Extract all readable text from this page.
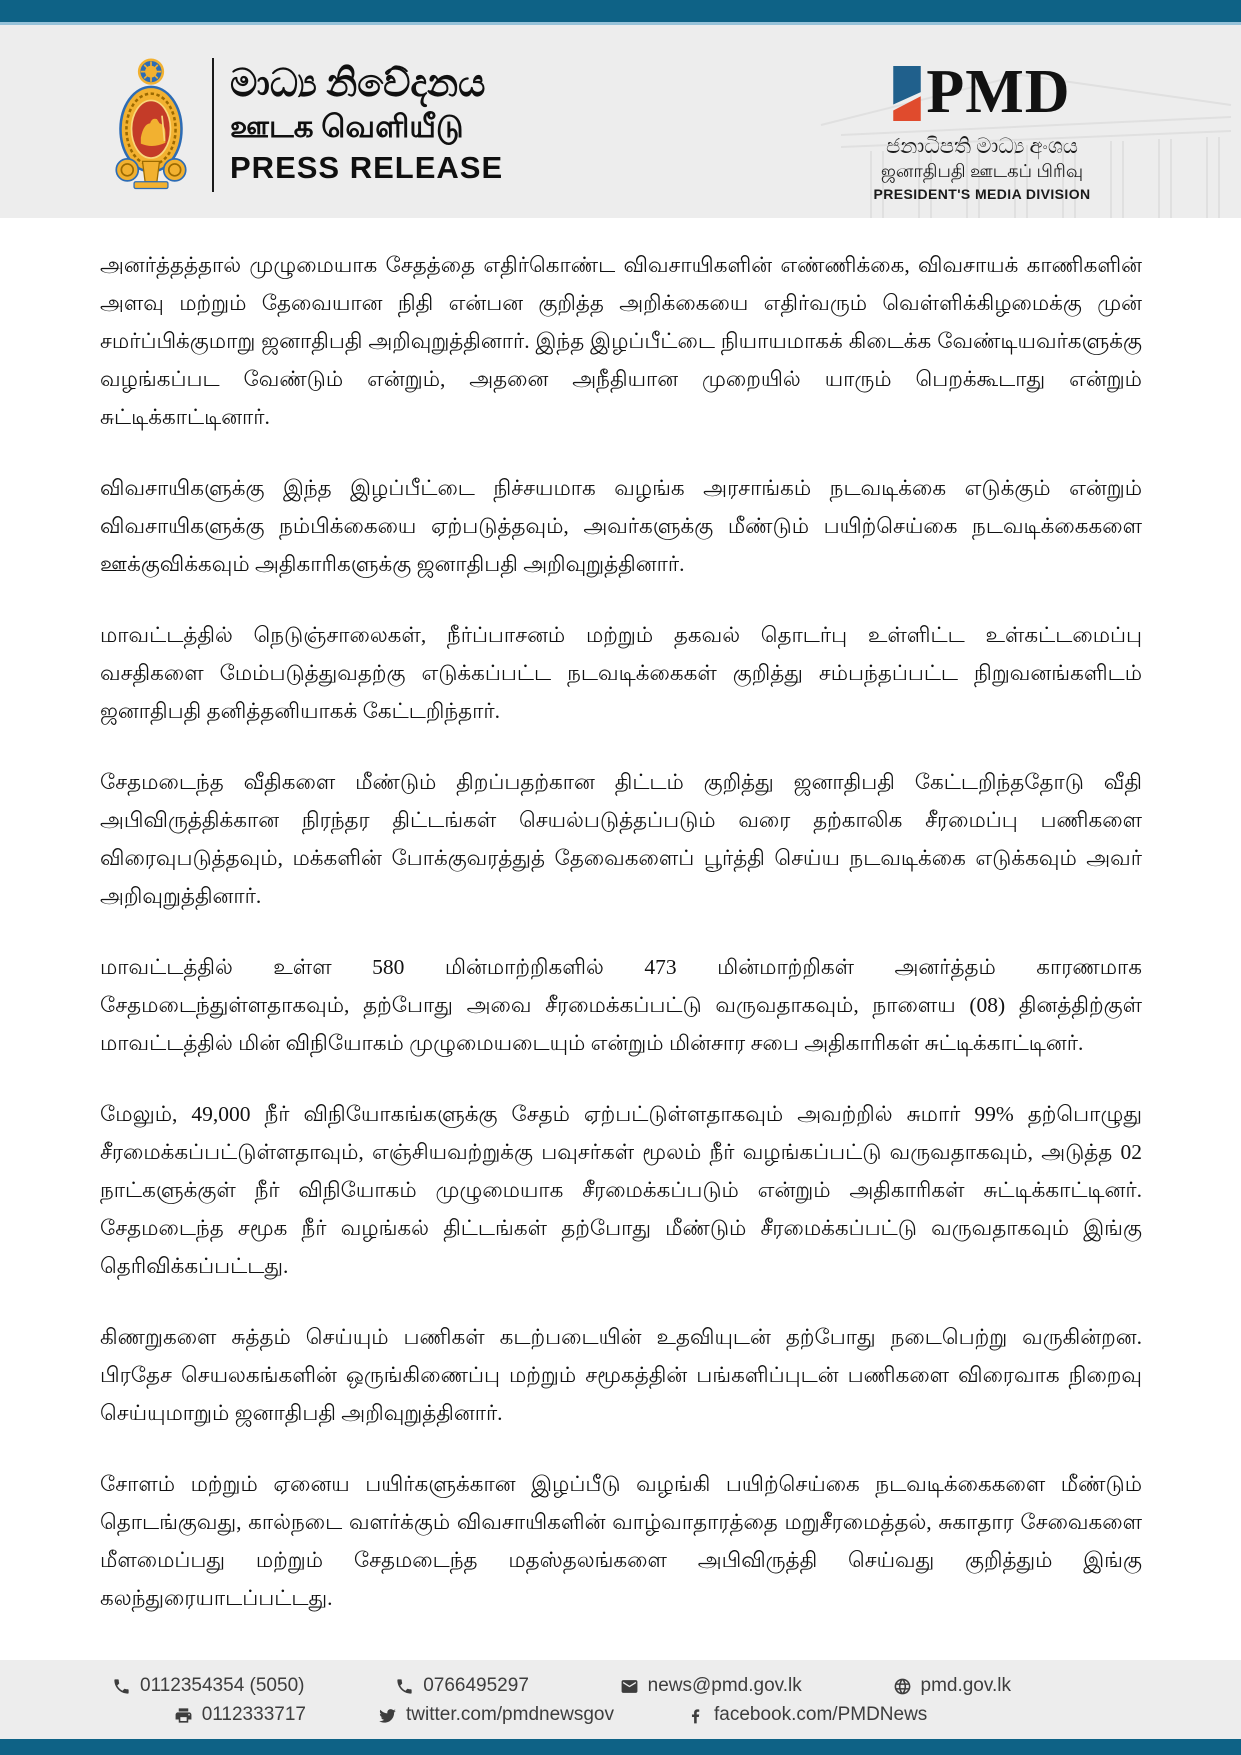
මාධ්‍ය නිවේදනය
ஊடக வெளியீடு
PRESS RELEASE
PMD
ජනාධිපති මාධ්‍ය අංශය
ஜனாதிபதி ஊடகப் பிரிவு
PRESIDENT'S MEDIA DIVISION

அனர்த்தத்தால் முழுமையாக சேதத்தை எதிர்கொண்ட விவசாயிகளின் எண்ணிக்கை, விவசாயக் காணிகளின் அளவு மற்றும் தேவையான நிதி என்பன குறித்த அறிக்கையை எதிர்வரும் வெள்ளிக்கிழமைக்கு முன் சமர்ப்பிக்குமாறு ஜனாதிபதி அறிவுறுத்தினார். இந்த இழப்பீட்டை நியாயமாகக் கிடைக்க வேண்டியவர்களுக்கு வழங்கப்பட வேண்டும் என்றும், அதனை அநீதியான முறையில் யாரும் பெறக்கூடாது என்றும் சுட்டிக்காட்டினார்.

விவசாயிகளுக்கு இந்த இழப்பீட்டை நிச்சயமாக வழங்க அரசாங்கம் நடவடிக்கை எடுக்கும் என்றும் விவசாயிகளுக்கு நம்பிக்கையை ஏற்படுத்தவும், அவர்களுக்கு மீண்டும் பயிற்செய்கை நடவடிக்கைகளை ஊக்குவிக்கவும் அதிகாரிகளுக்கு ஜனாதிபதி அறிவுறுத்தினார்.

மாவட்டத்தில் நெடுஞ்சாலைகள், நீர்ப்பாசனம் மற்றும் தகவல் தொடர்பு உள்ளிட்ட உள்கட்டமைப்பு வசதிகளை மேம்படுத்துவதற்கு எடுக்கப்பட்ட நடவடிக்கைகள் குறித்து சம்பந்தப்பட்ட நிறுவனங்களிடம் ஜனாதிபதி தனித்தனியாகக் கேட்டறிந்தார்.

சேதமடைந்த வீதிகளை மீண்டும் திறப்பதற்கான திட்டம் குறித்து ஜனாதிபதி கேட்டறிந்ததோடு வீதி அபிவிருத்திக்கான நிரந்தர திட்டங்கள் செயல்படுத்தப்படும் வரை தற்காலிக சீரமைப்பு பணிகளை விரைவுபடுத்தவும், மக்களின் போக்குவரத்துத் தேவைகளைப் பூர்த்தி செய்ய நடவடிக்கை எடுக்கவும் அவர் அறிவுறுத்தினார்.

மாவட்டத்தில் உள்ள 580 மின்மாற்றிகளில் 473 மின்மாற்றிகள் அனர்த்தம் காரணமாக சேதமடைந்துள்ளதாகவும், தற்போது அவை சீரமைக்கப்பட்டு வருவதாகவும், நாளைய (08) தினத்திற்குள் மாவட்டத்தில் மின் விநியோகம் முழுமையடையும் என்றும் மின்சார சபை அதிகாரிகள் சுட்டிக்காட்டினர்.

மேலும், 49,000 நீர் விநியோகங்களுக்கு சேதம் ஏற்பட்டுள்ளதாகவும் அவற்றில் சுமார் 99% தற்பொழுது சீரமைக்கப்பட்டுள்ளதாவும், எஞ்சியவற்றுக்கு பவுசர்கள் மூலம் நீர் வழங்கப்பட்டு வருவதாகவும், அடுத்த 02 நாட்களுக்குள் நீர் விநியோகம் முழுமையாக சீரமைக்கப்படும் என்றும் அதிகாரிகள் சுட்டிக்காட்டினர். சேதமடைந்த சமூக நீர் வழங்கல் திட்டங்கள் தற்போது மீண்டும் சீரமைக்கப்பட்டு வருவதாகவும் இங்கு தெரிவிக்கப்பட்டது.

கிணறுகளை சுத்தம் செய்யும் பணிகள் கடற்படையின் உதவியுடன் தற்போது நடைபெற்று வருகின்றன. பிரதேச செயலகங்களின் ஒருங்கிணைப்பு மற்றும் சமூகத்தின் பங்களிப்புடன் பணிகளை விரைவாக நிறைவு செய்யுமாறும் ஜனாதிபதி அறிவுறுத்தினார்.

சோளம் மற்றும் ஏனைய பயிர்களுக்கான இழப்பீடு வழங்கி பயிற்செய்கை நடவடிக்கைகளை மீண்டும் தொடங்குவது, கால்நடை வளர்க்கும் விவசாயிகளின் வாழ்வாதாரத்தை மறுசீரமைத்தல், சுகாதார சேவைகளை மீளமைப்பது மற்றும் சேதமடைந்த மதஸ்தலங்களை அபிவிருத்தி செய்வது குறித்தும் இங்கு கலந்துரையாடப்பட்டது.

0112354354 (5050)	0766495297	news@pmd.gov.lk	pmd.gov.lk
0112333717	twitter.com/pmdnewsgov	facebook.com/PMDNews
